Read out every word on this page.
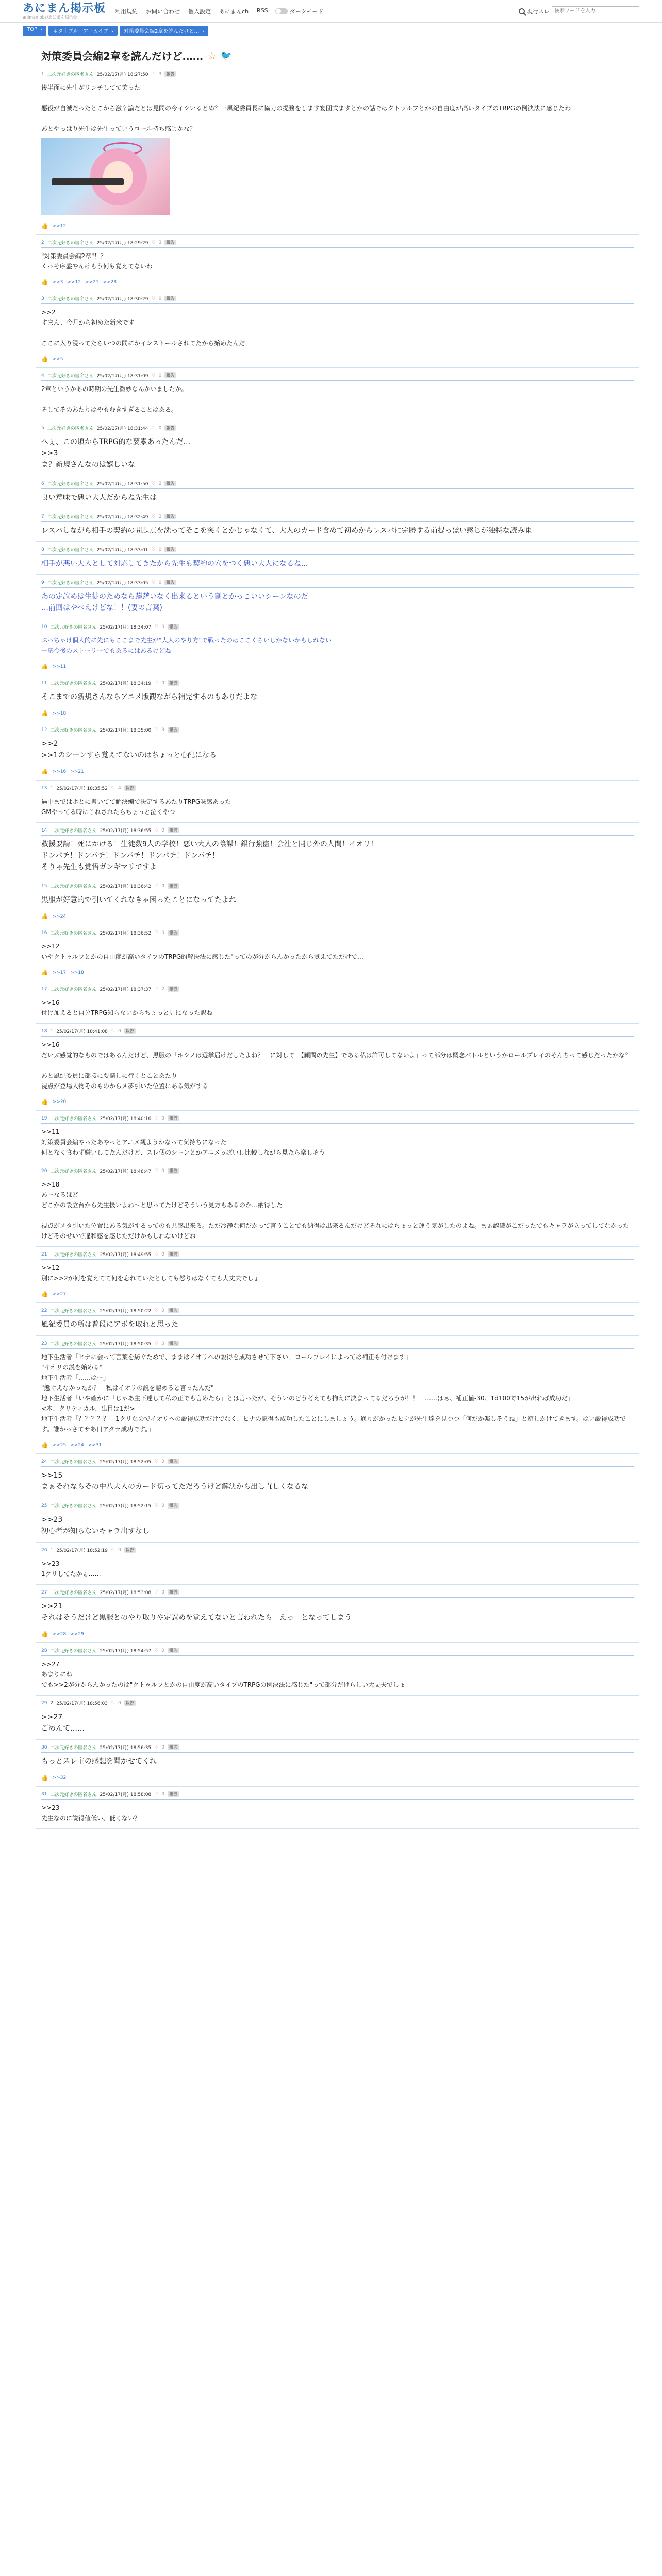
あにまん掲示板
animan bbs/あにまん掲示板
利用規約 お問い合わせ 個人設定 あにまんch RSS	ダークモード	現行スレ
検索ワードを入力
TOP ›	ネタ｜ブルーアーカイブ ›	対策委員会編2章を読んだけど… ›
対策委員会編2章を読んだけど…… ☆ 🐦
1 二次元好きの匿名さん 25/02/17(月) 18:27:50 ♡ 3	報告
後半面に先生がリンチしてて笑った

悪役が自滅だったとこから激辛論だとは見間の今イシいるとぬ？一風紀委員長に協力の提務をします宴団式ますとかの話ではクトゥルフとかの自由度が高いタイプのTRPGの例決法に感じたわ

あとやっぱり先生は先生っていうロール持ち感じかな？
👍 >>12
2 二次元好きの匿名さん 25/02/17(月) 18:29:29 ♡ 3	報告
"対策委員会編2章"！？
くっそ序盤やんけもう何も覚えてないわ
👍 >>3 >>12 >>21 >>28
3 二次元好きの匿名さん 25/02/17(月) 18:30:29 ♡ 0	報告
>>2
すまん、今月から初めた新米です

ここに入り浸ってたらいつの間にかインストールされてたから始めたんだ
👍 >>5
4 二次元好きの匿名さん 25/02/17(月) 18:31:09 ♡ 0	報告
2章というかあの時期の先生微妙なんかいましたか。

そしてそのあたりはやもむきすぎることはある。
5 二次元好きの匿名さん 25/02/17(月) 18:31:44 ♡ 0	報告
へぇ、この頃からTRPG的な要素あったんだ…
>>3
ま？新規さんなのは嬉しいな
6 二次元好きの匿名さん 25/02/17(月) 18:31:50 ♡ 2	報告
良い意味で悪い大人だからね先生は
7 二次元好きの匿名さん 25/02/17(月) 18:32:49 ♡ 2	報告
レスバしながら相手の契約の問題点を洗ってそこを突くとかじゃなくて、大人のカード含めて初めからレスバに完勝する前提っぽい感じが独特な読み味
8 二次元好きの匿名さん 25/02/17(月) 18:33:01 ♡ 0	報告
相手が悪い大人として対応してきたから先生も契約の穴をつく悪い大人になるね...
9 二次元好きの匿名さん 25/02/17(月) 18:33:05 ♡ 0	報告
あの定誼めは生徒のためなら躊躇いなく出来るという割とかっこいいシーンなのだ
…前回はやべえけどな！！(妻の言葉)
10 二次元好きの匿名さん 25/02/17(月) 18:34:07 ♡ 0	報告
ぶっちゃけ個人的に先にもここまで先生が"大人のやり方"で戦ったのはここくらいしかないかもしれない
一応今後のストーリーでもあるにはあるけどね
👍 >>11
11 二次元好きの匿名さん 25/02/17(月) 18:34:19 ♡ 0	報告
そこまでの新規さんならアニメ版観ながら補完するのもありだよな
👍 >>18
12 二次元好きの匿名さん 25/02/17(月) 18:35:00 ♡ 3	報告
>>2
>>1のシーンすら覚えてないのはちょっと心配になる
👍 >>16 >>21
13 1 25/02/17(月) 18:35:52 ♡ 4	報告
過中まではホとに書いてて解決編で決定するあたりTRPG味感あった
GMやってる時にこれされたらちょっと泣くやつ
14 二次元好きの匿名さん 25/02/17(月) 18:36:55 ♡ 0	報告
救援要請！死にかける！生徒数9人の学校！悪い大人の陰謀！銀行強盗！会社と同じ外の人間！イオリ！
ドンパチ！ドンパチ！ドンパチ！ドンパチ！ドンパチ！
そりゃ先生も覚悟ガンギマリですよ
15 二次元好きの匿名さん 25/02/17(月) 18:36:42 ♡ 0	報告
黒服が好意的で引いてくれなきゃ困ったことになってたよね
👍 >>24
16 二次元好きの匿名さん 25/02/17(月) 18:36:52 ♡ 0	報告
>>12
いやクトゥルフとかの自由度が高いタイプのTRPG的解決法に感じた"ってのが分からんかったから覚えてただけで…
👍 >>17 >>18
17 二次元好きの匿名さん 25/02/17(月) 18:37:37 ♡ 2	報告
>>16
付け加えると自分TRPG知らないからちょっと見になった訳ね
18 1 25/02/17(月) 18:41:08 ♡ 0	報告
>>16
だいぶ感覚的なものではあるんだけど、黒服の「ホシノは選挙届けだしたよね？」に対して「【顧問の先生】である私は許可してないよ」って部分は概念バトルというかロールプレイのそんちって感じだったかな？

あと風紀委員に部接に要請しに行くとことあたり
視点が登場人物そのものからメ夢引いた位置にある気がする
👍 >>20
19 二次元好きの匿名さん 25/02/17(月) 18:40:16 ♡ 0	報告
>>11
対策委員会編やったあやっとアニメ観ようかなって気持ちになった
何となく食わず嫌いしてたんだけど、スレ個のシーンとかアニメっぽいし比較しながら見たら楽しそう
20 二次元好きの匿名さん 25/02/17(月) 18:48:47 ♡ 0	報告
>>18
あーなるほど
どこかの設立台から先生扱いよね〜と思ってたけどそういう見方もあるのか…納得した

視点がメタ引いた位置にある気がするってのも共感出来る。ただ冷静な何だかって言うことでも納得は出来るんだけどそれにはちょっと運う気がしたのよね。まぁ認識がこだったでもキャラが立ってしてなかったけどそのせいで違和感を感じただけかもしれないけどね
21 二次元好きの匿名さん 25/02/17(月) 18:49:55 ♡ 0	報告
>>12
別に>>2が何を覚えてて何を忘れていたとしても怒りはなくても大丈夫でしょ
👍 >>27
22 二次元好きの匿名さん 25/02/17(月) 18:50:22 ♡ 0	報告
風紀委員の所は普段にアボを取れと思った
23 二次元好きの匿名さん 25/02/17(月) 18:50:35 ♡ 0	報告
地下生活者「ヒナに会って言葉を紡ぐためで、ままはイオリへの説得を成功させて下さい。ロールプレイによっては補正も付けます」
"イオリの説を始める"
地下生活者「……はー」
"態ぐえなかったか？　私はイオリの説を認めると言ったんだ"
地下生活者「いや確かに「じゃあ主下達して私の正でも言めたら」とは言ったが、そういのどう考えても拘えに決まってるだろうが！！　……はぁ、補正値-30、1d100で15が出れば成功だ」
<本、クリティカル、出目は1だ>
地下生活者「？？？？？　1クリなのでイオリへの説得成功だけでなく、ヒナの説得も成功したことにしましょう。通りがかったヒナが先生達を見つつ「何だか楽しそうね」と遊しかけてきます。はい説得成功です。誰かっさてサあ日アタラ成功です。」
👍 >>25 >>24 >>31
24 二次元好きの匿名さん 25/02/17(月) 18:52:05 ♡ 0	報告
>>15
まぁそれならその中八大人のカード切ってただろうけど解決から出し直しくなるな
25 二次元好きの匿名さん 25/02/17(月) 18:52:15 ♡ 0	報告
>>23
初心者が知らないキャラ出すなし
26 1 25/02/17(月) 18:52:19 ♡ 0	報告
>>23
1クリしてたかぁ……
27 二次元好きの匿名さん 25/02/17(月) 18:53:08 ♡ 0	報告
>>21
それはそうだけど黒服とのやり取りや定誼めを覚えてないと言われたら「えっ」となってしまう
👍 >>28 >>29
28 二次元好きの匿名さん 25/02/17(月) 18:54:57 ♡ 0	報告
>>27
あまりにね
でも>>2が分からんかったのは"クトゥルフとかの自由度が高いタイプのTRPGの例決法に感じた"って部分だけらしい大丈夫でしょ
29 2 25/02/17(月) 18:56:03 ♡ 0	報告
>>27
ごめんて……
30 二次元好きの匿名さん 25/02/17(月) 18:56:35 ♡ 0	報告
もっとスレ主の感想を聞かせてくれ
👍 >>32
31 二次元好きの匿名さん 25/02/17(月) 18:58:08 ♡ 0	報告
>>23
先生なのに説得値低い、低くない？
